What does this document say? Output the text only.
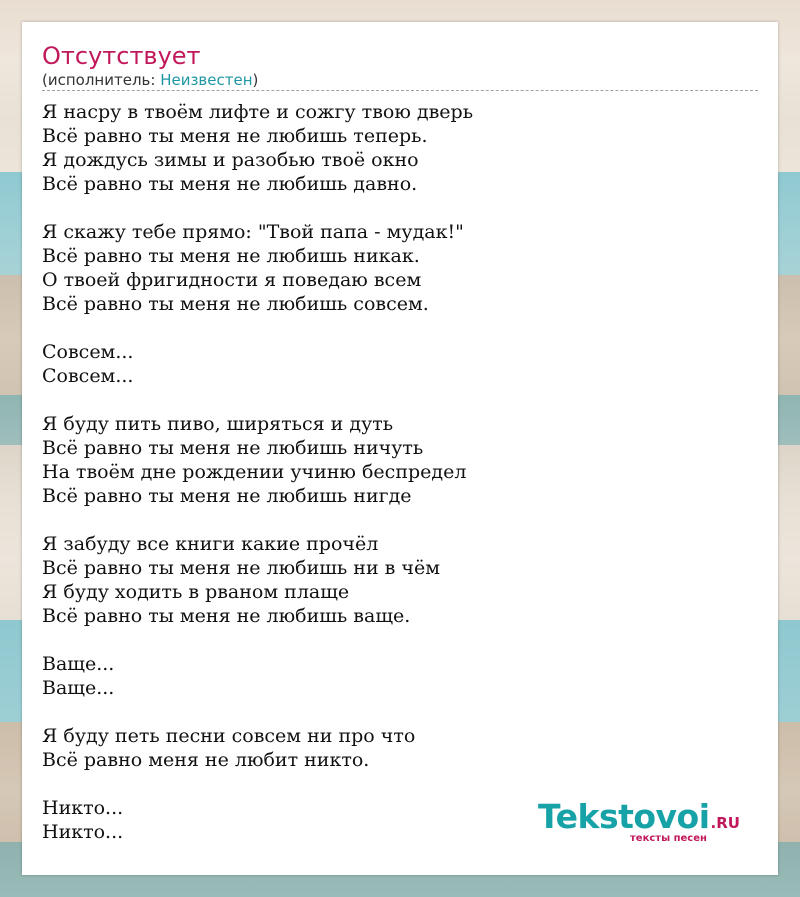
Отсутствует
(исполнитель: Неизвестен)
Я насру в твоём лифте и сожгу твою дверь
Всё равно ты меня не любишь теперь.
Я дождусь зимы и разобью твоё окно
Всё равно ты меня не любишь давно.
Я скажу тебе прямо: "Твой папа - мудак!"
Всё равно ты меня не любишь никак.
О твоей фригидности я поведаю всем
Всё равно ты меня не любишь совсем.
Совсем...
Совсем...
Я буду пить пиво, ширяться и дуть
Всё равно ты меня не любишь ничуть
На твоём дне рождении учиню беспредел
Всё равно ты меня не любишь нигде
Я забуду все книги какие прочёл
Всё равно ты меня не любишь ни в чём
Я буду ходить в рваном плаще
Всё равно ты меня не любишь ваще.
Ваще...
Ваще...
Я буду петь песни совсем ни про что
Всё равно меня не любит никто.
Никто...
Никто...	Tekstovoi.RU
тексты песен
